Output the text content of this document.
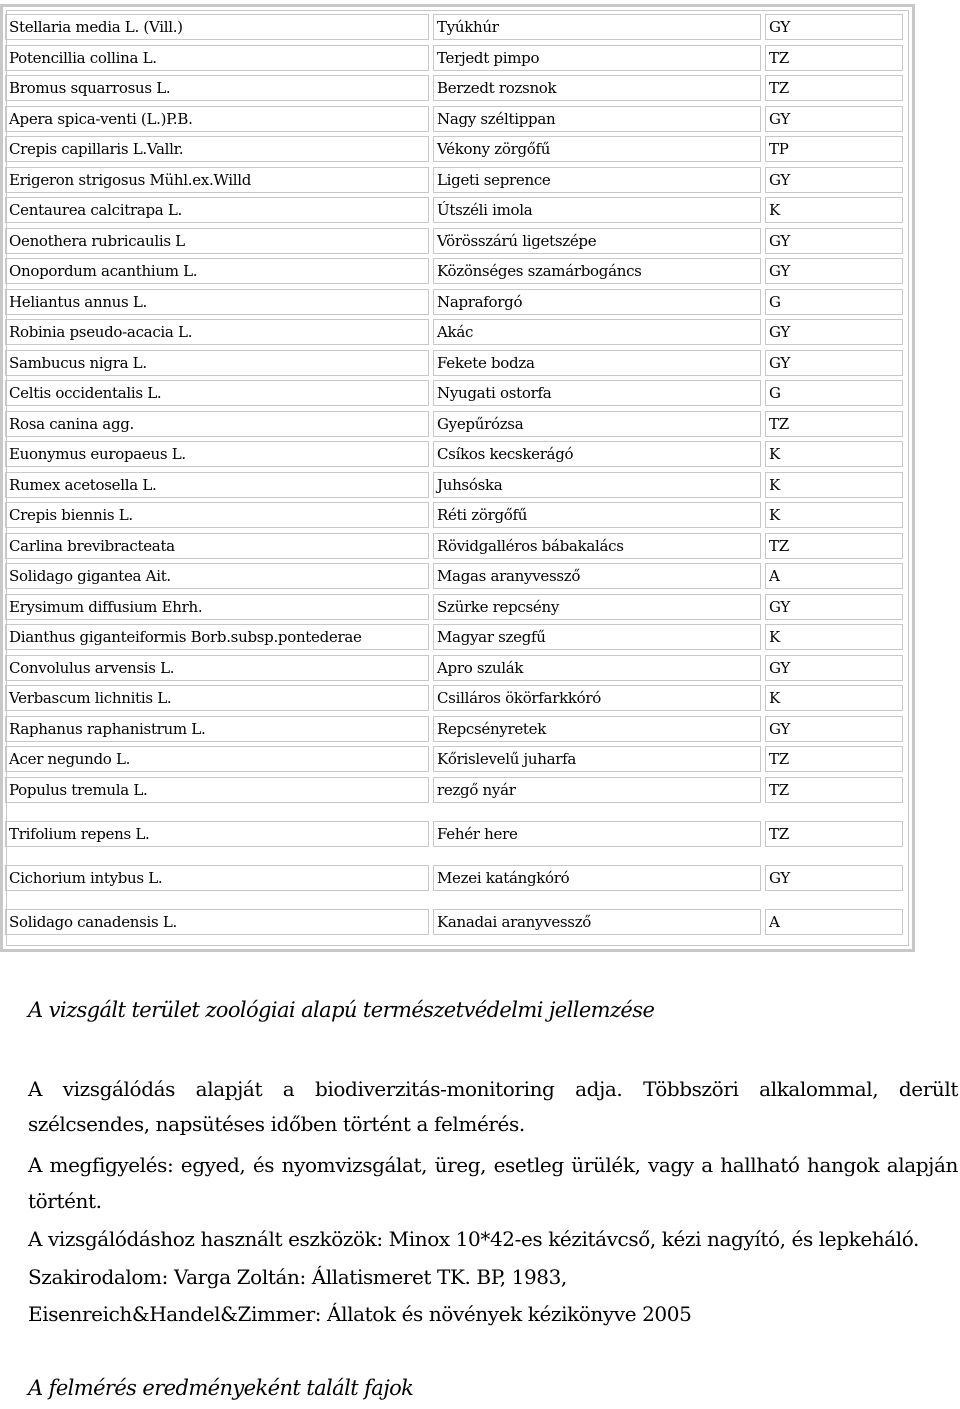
Stellaria media L. (Vill.)	Tyúkhúr	GY
Potencillia collina L.	Terjedt pimpo	TZ
Bromus squarrosus L.	Berzedt rozsnok	TZ
Apera spica-venti (L.)P.B.	Nagy széltippan	GY
Crepis capillaris L.Vallr.	Vékony zörgőfű	TP
Erigeron strigosus Mühl.ex.Willd	Ligeti seprence	GY
Centaurea calcitrapa L.	Útszéli imola	K
Oenothera rubricaulis L	Vörösszárú ligetszépe	GY
Onopordum acanthium L.	Közönséges szamárbogáncs	GY
Heliantus annus L.	Napraforgó	G
Robinia pseudo-acacia L.	Akác	GY
Sambucus nigra L.	Fekete bodza	GY
Celtis occidentalis L.	Nyugati ostorfa	G
Rosa canina agg.	Gyepűrózsa	TZ
Euonymus europaeus L.	Csíkos kecskerágó	K
Rumex acetosella L.	Juhsóska	K
Crepis biennis L.	Réti zörgőfű	K
Carlina brevibracteata	Rövidgalléros bábakalács	TZ
Solidago gigantea Ait.	Magas aranyvessző	A
Erysimum diffusium Ehrh.	Szürke repcsény	GY
Dianthus giganteiformis Borb.subsp.pontederae	Magyar szegfű	K
Convolulus arvensis L.	Apro szulák	GY
Verbascum lichnitis L.	Csilláros ökörfarkkóró	K
Raphanus raphanistrum L.	Repcsényretek	GY
Acer negundo L.	Kőrislevelű juharfa	TZ
Populus tremula L.	rezgő nyár	TZ
Trifolium repens L.	Fehér here	TZ
Cichorium intybus L.	Mezei katángkóró	GY
Solidago canadensis L.	Kanadai aranyvessző	A
A vizsgált terület zoológiai alapú természetvédelmi jellemzése
A vizsgálódás alapját a biodiverzitás-monitoring adja. Többszöri alkalommal, derült
szélcsendes, napsütéses időben történt a felmérés.
A megfigyelés: egyed, és nyomvizsgálat, üreg, esetleg ürülék, vagy a hallható hangok alapján
történt.
A vizsgálódáshoz használt eszközök: Minox 10*42-es kézitávcső, kézi nagyító, és lepkeháló.
Szakirodalom: Varga Zoltán: Állatismeret TK. BP, 1983,
Eisenreich&Handel&Zimmer: Állatok és növények kézikönyve 2005
A felmérés eredményeként talált fajok
